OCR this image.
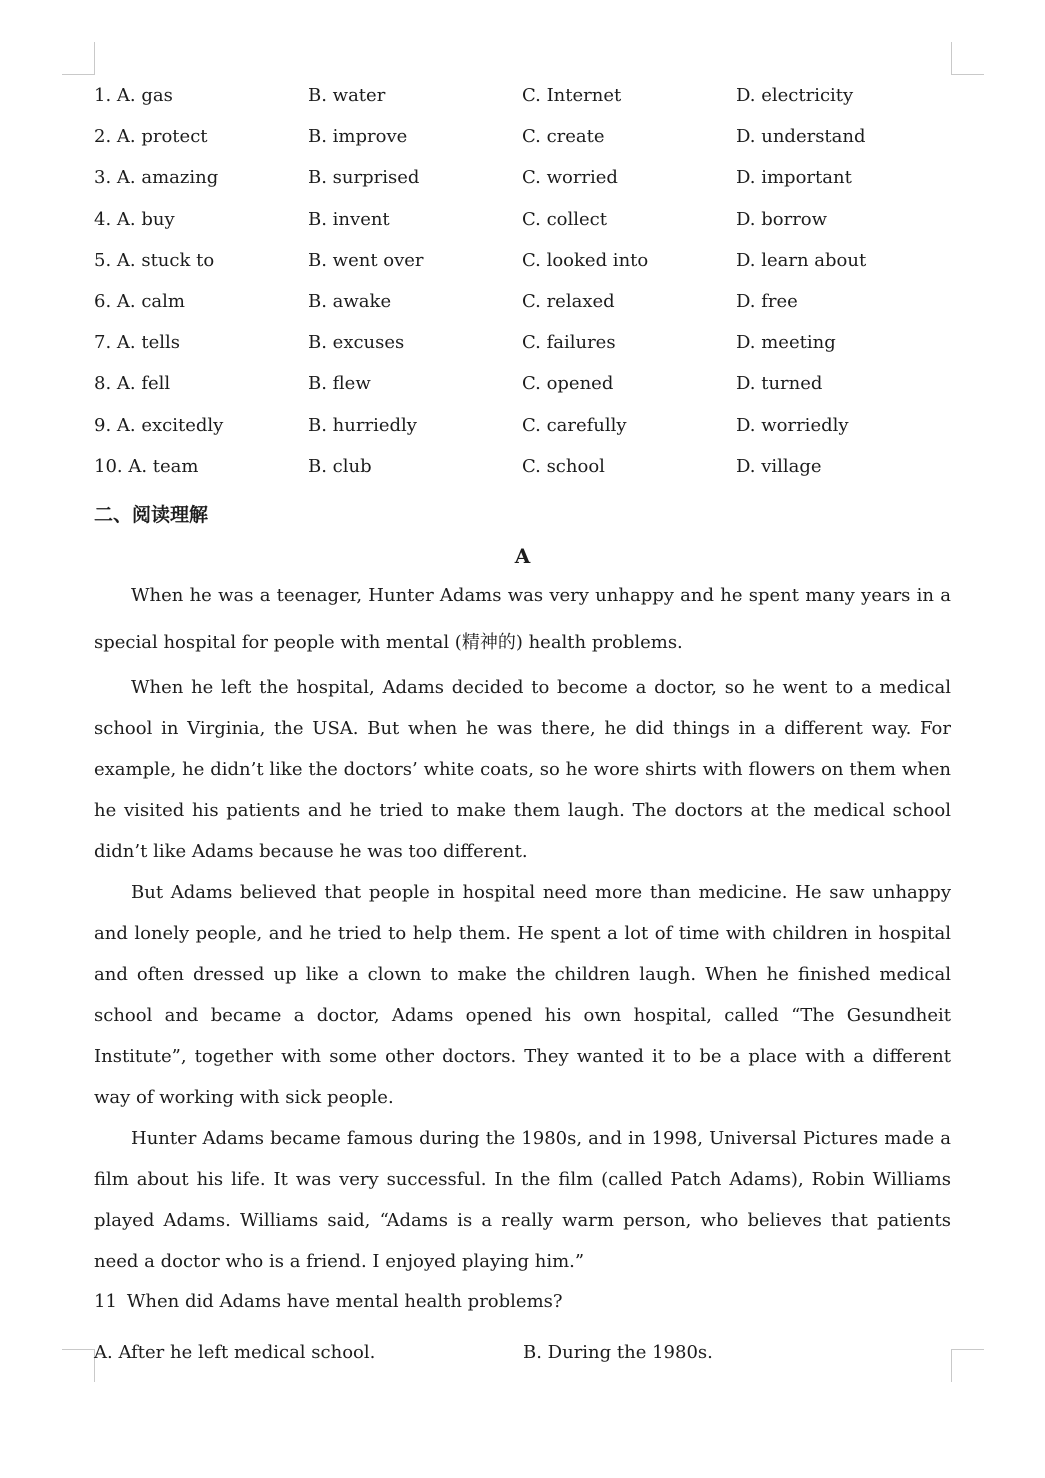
1. A. gas	B. water	C. Internet	D. electricity
2. A. protect	B. improve	C. create	D. understand
3. A. amazing	B. surprised	C. worried	D. important
4. A. buy	B. invent	C. collect	D. borrow
5. A. stuck to	B. went over	C. looked into	D. learn about
6. A. calm	B. awake	C. relaxed	D. free
7. A. tells	B. excuses	C. failures	D. meeting
8. A. fell	B. flew	C. opened	D. turned
9. A. excitedly	B. hurriedly	C. carefully	D. worriedly
10. A. team	B. club	C. school	D. village
二、阅读理解
A

When he was a teenager, Hunter Adams was very unhappy and he spent many years in a special hospital for people with mental (精神的) health problems.

When he left the hospital, Adams decided to become a doctor, so he went to a medical school in Virginia, the USA. But when he was there, he did things in a different way. For example, he didn’t like the doctors’ white coats, so he wore shirts with flowers on them when he visited his patients and he tried to make them laugh. The doctors at the medical school didn’t like Adams because he was too different.

But Adams believed that people in hospital need more than medicine. He saw unhappy and lonely people, and he tried to help them. He spent a lot of time with children in hospital and often dressed up like a clown to make the children laugh. When he finished medical school and became a doctor, Adams opened his own hospital, called “The Gesundheit Institute”, together with some other doctors. They wanted it to be a place with a different way of working with sick people.

Hunter Adams became famous during the 1980s, and in 1998, Universal Pictures made a film about his life. It was very successful. In the film (called Patch Adams), Robin Williams played Adams. Williams said, “Adams is a really warm person, who believes that patients need a doctor who is a friend. I enjoyed playing him.”

11 When did Adams have mental health problems?
A. After he left medical school.	B. During the 1980s.
